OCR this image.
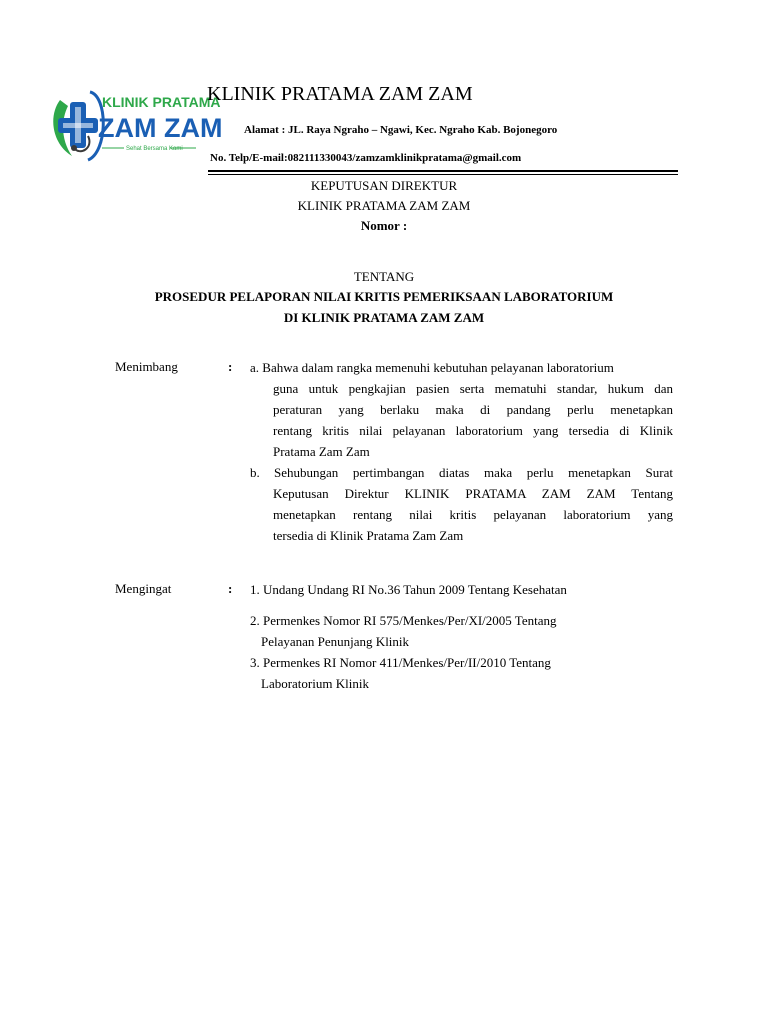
KLINIK PRATAMA
ZAM ZAM
Sehat Bersama Kami
KLINIK PRATAMA ZAM ZAM
Alamat : JL. Raya Ngraho – Ngawi, Kec. Ngraho Kab. Bojonegoro
No. Telp/E-mail:082111330043/zamzamklinikpratama@gmail.com
KEPUTUSAN DIREKTUR
KLINIK PRATAMA ZAM ZAM
Nomor :
TENTANG
PROSEDUR PELAPORAN NILAI KRITIS PEMERIKSAAN LABORATORIUM
DI KLINIK PRATAMA ZAM ZAM
Menimbang	: a. Bahwa dalam rangka memenuhi kebutuhan pelayanan laboratorium
guna untuk pengkajian pasien serta mematuhi standar, hukum dan
peraturan yang berlaku maka di pandang perlu menetapkan
rentang kritis nilai pelayanan laboratorium yang tersedia di Klinik
Pratama Zam Zam
b. Sehubungan pertimbangan diatas maka perlu menetapkan Surat
Keputusan Direktur KLINIK PRATAMA ZAM ZAM Tentang
menetapkan rentang nilai kritis pelayanan laboratorium yang
tersedia di Klinik Pratama Zam Zam
Mengingat	: 1. Undang Undang RI No.36 Tahun 2009 Tentang Kesehatan
2. Permenkes Nomor RI 575/Menkes/Per/XI/2005 Tentang
Pelayanan Penunjang Klinik
3. Permenkes RI Nomor 411/Menkes/Per/II/2010 Tentang
Laboratorium Klinik
